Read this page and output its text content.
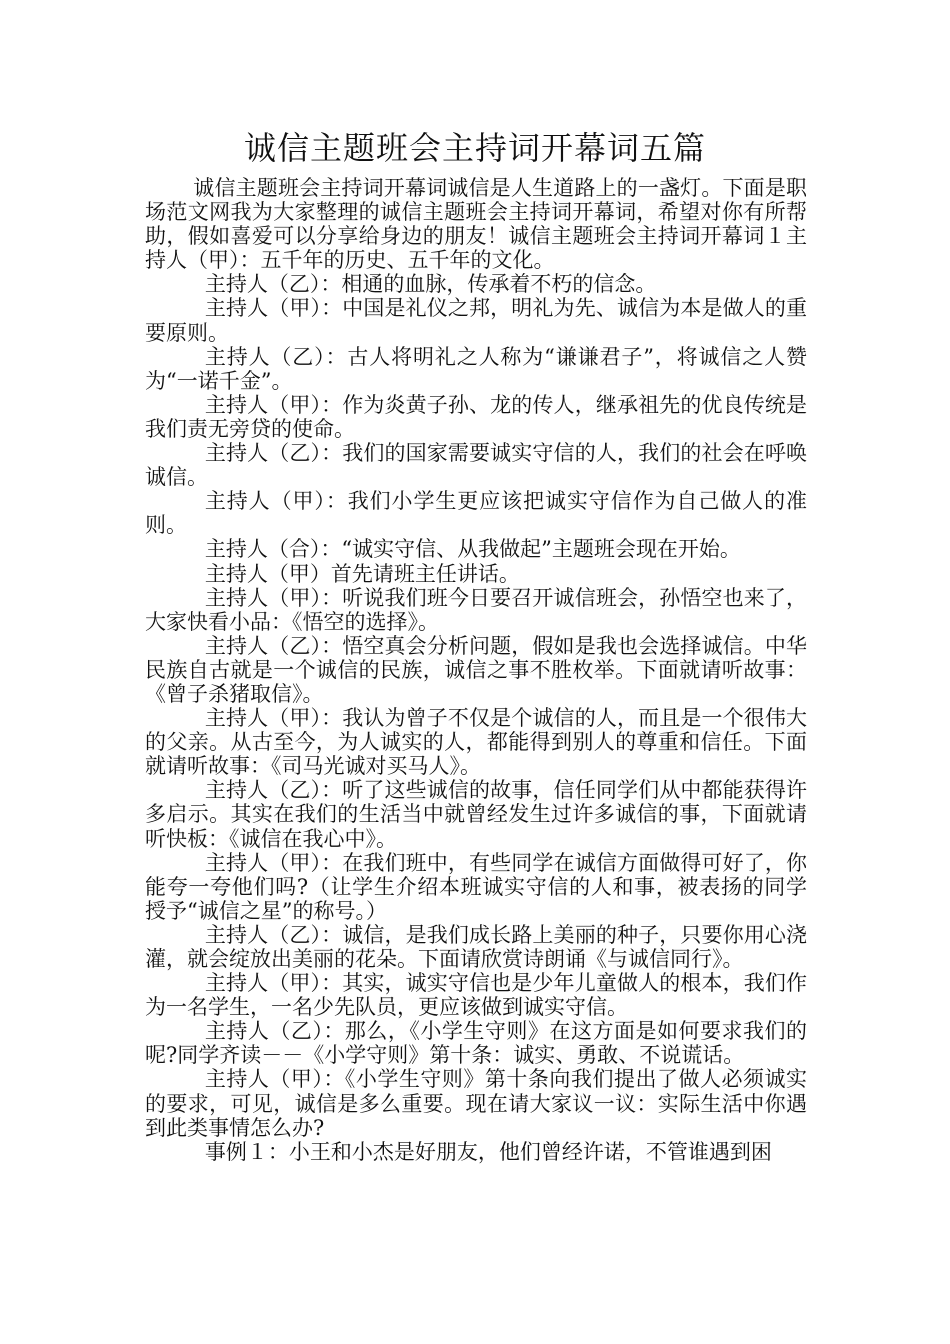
诚信主题班会主持词开幕词五篇

诚信主题班会主持词开幕词诚信是人生道路上的一盏灯。下面是职场范文网我为大家整理的诚信主题班会主持词开幕词，希望对你有所帮助，假如喜爱可以分享给身边的朋友！诚信主题班会主持词开幕词１主持人（甲）：五千年的历史、五千年的文化。

主持人（乙）：相通的血脉，传承着不朽的信念。

主持人（甲）：中国是礼仪之邦，明礼为先、诚信为本是做人的重要原则。

主持人（乙）：古人将明礼之人称为“谦谦君子”，将诚信之人赞为“一诺千金”。

主持人（甲）：作为炎黄子孙、龙的传人，继承祖先的优良传统是我们责无旁贷的使命。

主持人（乙）：我们的国家需要诚实守信的人，我们的社会在呼唤诚信。

主持人（甲）：我们小学生更应该把诚实守信作为自己做人的准则。

主持人（合）：“诚实守信、从我做起”主题班会现在开始。

主持人（甲）首先请班主任讲话。

主持人（甲）：听说我们班今日要召开诚信班会，孙悟空也来了，大家快看小品：《悟空的选择》。

主持人（乙）：悟空真会分析问题，假如是我也会选择诚信。中华民族自古就是一个诚信的民族，诚信之事不胜枚举。下面就请听故事：《曾子杀猪取信》。

主持人（甲）：我认为曾子不仅是个诚信的人，而且是一个很伟大的父亲。从古至今，为人诚实的人，都能得到别人的尊重和信任。下面就请听故事：《司马光诚对买马人》。

主持人（乙）：听了这些诚信的故事，信任同学们从中都能获得许多启示。其实在我们的生活当中就曾经发生过许多诚信的事，下面就请听快板：《诚信在我心中》。

主持人（甲）：在我们班中，有些同学在诚信方面做得可好了，你能夸一夸他们吗?（让学生介绍本班诚实守信的人和事，被表扬的同学授予“诚信之星”的称号。）

主持人（乙）：诚信，是我们成长路上美丽的种子，只要你用心浇灌，就会绽放出美丽的花朵。下面请欣赏诗朗诵《与诚信同行》。

主持人（甲）：其实，诚实守信也是少年儿童做人的根本，我们作为一名学生，一名少先队员，更应该做到诚实守信。

主持人（乙）：那么，《小学生守则》在这方面是如何要求我们的呢?同学齐读－－《小学守则》第十条：诚实、勇敢、不说谎话。

主持人（甲）：《小学生守则》第十条向我们提出了做人必须诚实的要求，可见，诚信是多么重要。现在请大家议一议：实际生活中你遇到此类事情怎么办?

事例１：小王和小杰是好朋友，他们曾经许诺，不管谁遇到困
